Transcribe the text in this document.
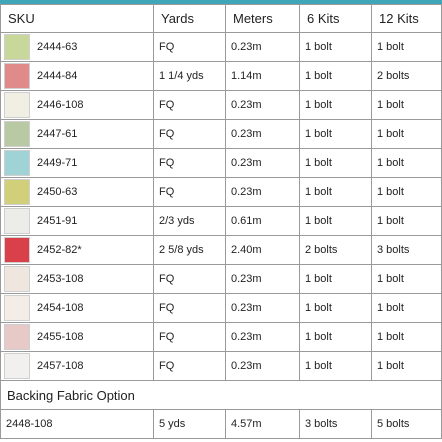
SKU	Yards	Meters	6 Kits	12 Kits

2444-63	FQ	0.23m	1 bolt	1 bolt

2444-84	1 1/4 yds	1.14m	1 bolt	2 bolts

2446-108	FQ	0.23m	1 bolt	1 bolt

2447-61	FQ	0.23m	1 bolt	1 bolt

2449-71	FQ	0.23m	1 bolt	1 bolt

2450-63	FQ	0.23m	1 bolt	1 bolt

2451-91	2/3 yds	0.61m	1 bolt	1 bolt

2452-82*	2 5/8 yds	2.40m	2 bolts	3 bolts

2453-108	FQ	0.23m	1 bolt	1 bolt

2454-108	FQ	0.23m	1 bolt	1 bolt

2455-108	FQ	0.23m	1 bolt	1 bolt

2457-108	FQ	0.23m	1 bolt	1 bolt
Backing Fabric Option				
2448-108	5 yds	4.57m	3 bolts	5 bolts
